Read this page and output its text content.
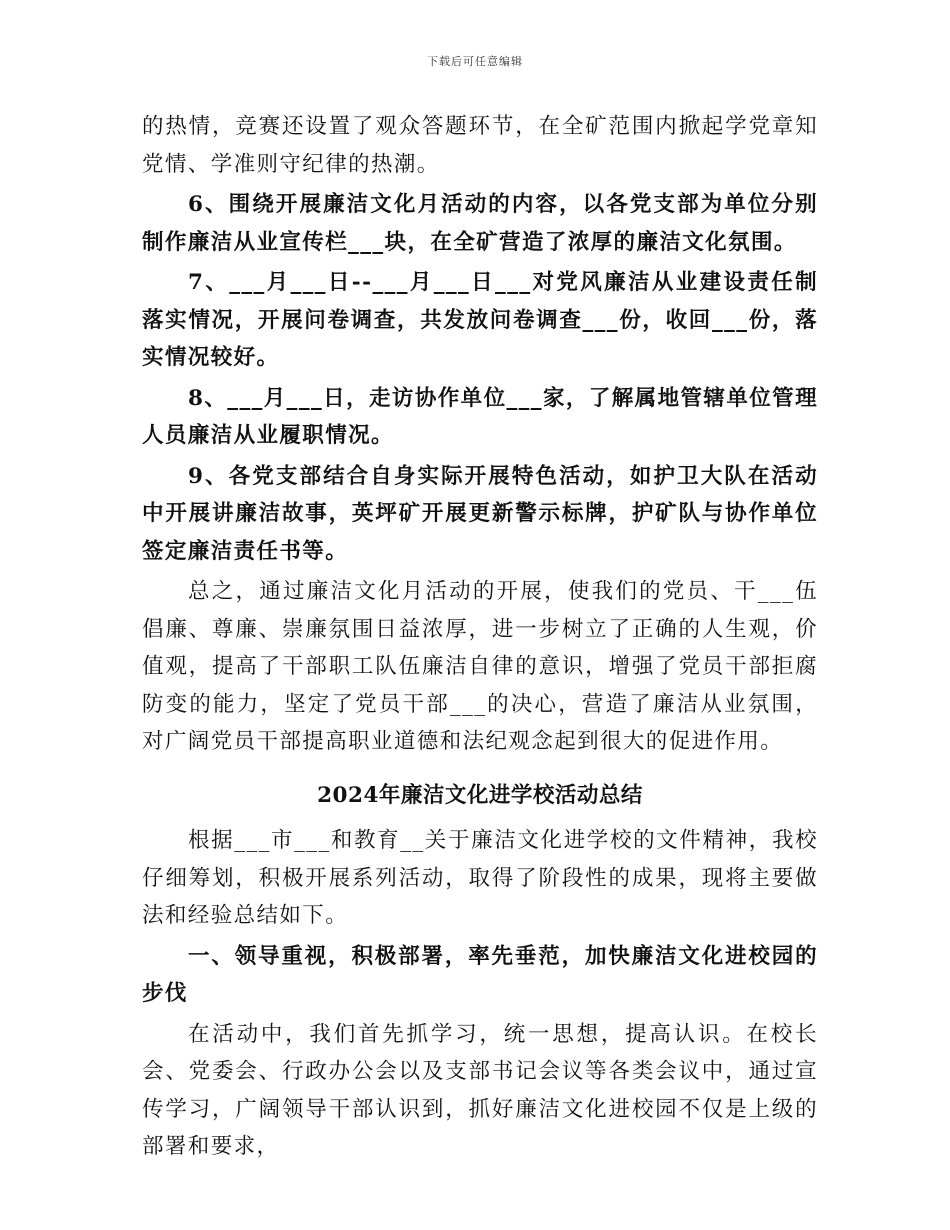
下载后可任意编辑

的热情，竞赛还设置了观众答题环节，在全矿范围内掀起学党章知党情、学准则守纪律的热潮。

6、围绕开展廉洁文化月活动的内容，以各党支部为单位分别制作廉洁从业宣传栏___块，在全矿营造了浓厚的廉洁文化氛围。

7、___月___日--___月___日___对党风廉洁从业建设责任制落实情况，开展问卷调查，共发放问卷调查___份，收回___份，落实情况较好。

8、___月___日，走访协作单位___家，了解属地管辖单位管理人员廉洁从业履职情况。

9、各党支部结合自身实际开展特色活动，如护卫大队在活动中开展讲廉洁故事，英坪矿开展更新警示标牌，护矿队与协作单位签定廉洁责任书等。

总之，通过廉洁文化月活动的开展，使我们的党员、干___伍倡廉、尊廉、崇廉氛围日益浓厚，进一步树立了正确的人生观，价值观，提高了干部职工队伍廉洁自律的意识，增强了党员干部拒腐防变的能力，坚定了党员干部___的决心，营造了廉洁从业氛围，对广阔党员干部提高职业道德和法纪观念起到很大的促进作用。

2024年廉洁文化进学校活动总结

根据___市___和教育__关于廉洁文化进学校的文件精神，我校仔细筹划，积极开展系列活动，取得了阶段性的成果，现将主要做法和经验总结如下。

一、领导重视，积极部署，率先垂范，加快廉洁文化进校园的步伐

在活动中，我们首先抓学习，统一思想，提高认识。在校长会、党委会、行政办公会以及支部书记会议等各类会议中，通过宣传学习，广阔领导干部认识到，抓好廉洁文化进校园不仅是上级的部署和要求，
